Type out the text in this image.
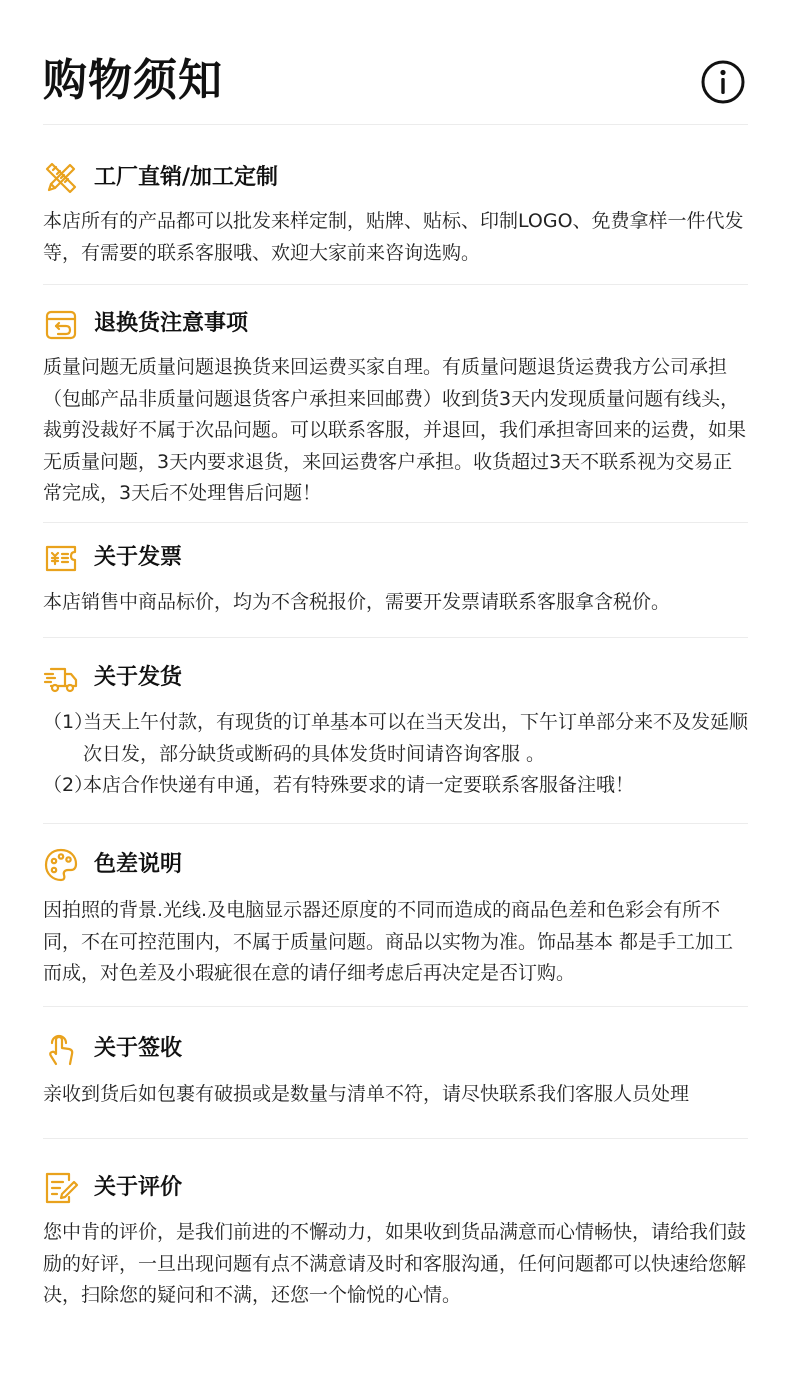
购物须知
工厂直销/加工定制
本店所有的产品都可以批发来样定制，贴牌、贴标、印制LOGO、免费拿样一件代发等，有需要的联系客服哦、欢迎大家前来咨询选购。
退换货注意事项
质量问题无质量问题退换货来回运费买家自理。有质量问题退货运费我方公司承担（包邮产品非质量问题退货客户承担来回邮费）收到货3天内发现质量问题有线头，裁剪没裁好不属于次品问题。可以联系客服，并退回，我们承担寄回来的运费，如果无质量问题，3天内要求退货，来回运费客户承担。收货超过3天不联系视为交易正常完成，3天后不处理售后问题！
关于发票
本店销售中商品标价，均为不含税报价，需要开发票请联系客服拿含税价。
关于发货
（1）
当天上午付款，有现货的订单基本可以在当天发出，下午订单部分来不及发延顺次日发，部分缺货或断码的具体发货时间请咨询客服 。
（2）
本店合作快递有申通，若有特殊要求的请一定要联系客服备注哦！
色差说明
因拍照的背景.光线.及电脑显示器还原度的不同而造成的商品色差和色彩会有所不同，不在可控范围内，不属于质量问题。商品以实物为准。饰品基本 都是手工加工而成，对色差及小瑕疵很在意的请仔细考虑后再决定是否订购。
关于签收
亲收到货后如包裹有破损或是数量与清单不符，请尽快联系我们客服人员处理
关于评价
您中肯的评价，是我们前进的不懈动力，如果收到货品满意而心情畅快，请给我们鼓励的好评，一旦出现问题有点不满意请及时和客服沟通，任何问题都可以快速给您解决，扫除您的疑问和不满，还您一个愉悦的心情。
